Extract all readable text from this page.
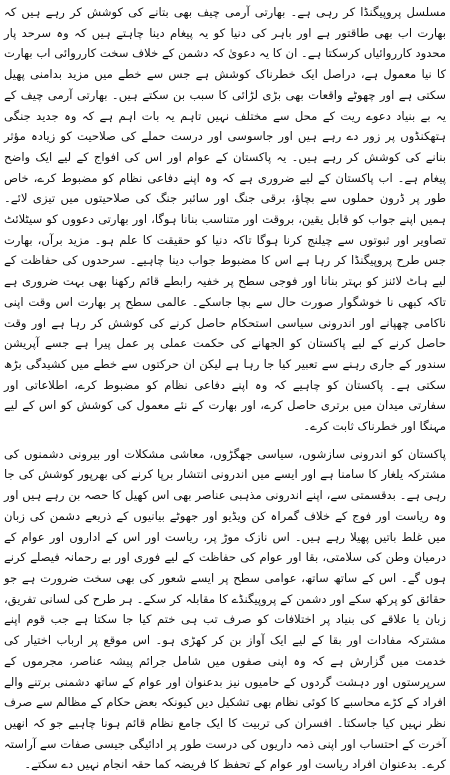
مسلسل پروپیگنڈا کر رہی ہے۔ بھارتی آرمی چیف بھی بتانے کی کوشش کر رہے ہیں کہ بھارت اب بھی طاقتور ہے اور باہر کی دنیا کو یہ پیغام دینا چاہتے ہیں کہ وہ سرحد پار محدود کارروائیاں کرسکتا ہے۔ ان کا یہ دعویٰ کہ دشمن کے خلاف سخت کارروائی اب بھارت کا نیا معمول ہے، دراصل ایک خطرناک کوشش ہے جس سے خطے میں مزید بدامنی پھیل سکتی ہے اور چھوٹے واقعات بھی بڑی لڑائی کا سبب بن سکتے ہیں۔ بھارتی آرمی چیف کے یہ بے بنیاد دعوے ریت کے محل سے مختلف نہیں تاہم یہ بات اہم ہے کہ وہ جدید جنگی ہتھکنڈوں پر زور دے رہے ہیں اور جاسوسی اور درست حملے کی صلاحیت کو زیادہ مؤثر بنانے کی کوشش کر رہے ہیں۔ یہ پاکستان کے عوام اور اس کی افواج کے لیے ایک واضح پیغام ہے۔ اب پاکستان کے لیے ضروری ہے کہ وہ اپنے دفاعی نظام کو مضبوط کرے، خاص طور پر ڈرون حملوں سے بچاؤ، برقی جنگ اور سائبر جنگ کی صلاحیتوں میں تیزی لائے۔ ہمیں اپنے جواب کو قابل یقین، بروقت اور متناسب بنانا ہوگا، اور بھارتی دعووں کو سیٹلائٹ تصاویر اور ثبوتوں سے چیلنج کرنا ہوگا تاکہ دنیا کو حقیقت کا علم ہو۔ مزید برآں، بھارت جس طرح پروپیگنڈا کر رہا ہے اس کا مضبوط جواب دینا چاہیے۔ سرحدوں کی حفاظت کے لیے ہاٹ لائنز کو بہتر بنانا اور فوجی سطح پر خفیہ رابطے قائم رکھنا بھی بہت ضروری ہے تاکہ کبھی نا خوشگوار صورت حال سے بچا جاسکے۔ عالمی سطح پر بھارت اس وقت اپنی ناکامی چھپانے اور اندرونی سیاسی استحکام حاصل کرنے کی کوشش کر رہا ہے اور وقت حاصل کرنے کے لیے پاکستان کو الجھانے کی حکمت عملی پر عمل پیرا ہے جسے آپریشن سندور کے جاری رہنے سے تعبیر کیا جا رہا ہے لیکن ان حرکتوں سے خطے میں کشیدگی بڑھ سکتی ہے۔ پاکستان کو چاہیے کہ وہ اپنے دفاعی نظام کو مضبوط کرے، اطلاعاتی اور سفارتی میدان میں برتری حاصل کرے، اور بھارت کے نئے معمول کی کوشش کو اس کے لیے مہنگا اور خطرناک ثابت کرے۔

پاکستان کو اندرونی سازشوں، سیاسی جھگڑوں، معاشی مشکلات اور بیرونی دشمنوں کی مشترکہ یلغار کا سامنا ہے اور ایسے میں اندرونی انتشار برپا کرنے کی بھرپور کوشش کی جا رہی ہے۔ بدقسمتی سے، اپنے اندرونی مذہبی عناصر بھی اس کھیل کا حصہ بن رہے ہیں اور وہ ریاست اور فوج کے خلاف گمراہ کن ویڈیو اور جھوٹے بیانیوں کے ذریعے دشمن کی زبان میں غلط باتیں پھیلا رہے ہیں۔ اس نازک موڑ پر، ریاست اور اس کے اداروں اور عوام کے درمیان وطن کی سلامتی، بقا اور عوام کی حفاظت کے لیے فوری اور بے رحمانہ فیصلے کرنے ہوں گے۔ اس کے ساتھ ساتھ، عوامی سطح پر ایسے شعور کی بھی سخت ضرورت ہے جو حقائق کو پرکھ سکے اور دشمن کے پروپیگنڈے کا مقابلہ کر سکے۔ ہر طرح کی لسانی تفریق، زبان یا علاقے کی بنیاد پر اختلافات کو صرف تب ہی ختم کیا جا سکتا ہے جب قوم اپنے مشترکہ مفادات اور بقا کے لیے ایک آواز بن کر کھڑی ہو۔ اس موقع پر ارباب اختیار کی خدمت میں گزارش ہے کہ وہ اپنی صفوں میں شامل جرائم پیشہ عناصر، مجرموں کے سرپرستوں اور دہشت گردوں کے حامیوں نیز بدعنوان اور عوام کے ساتھ دشمنی برتنے والے افراد کے کڑے محاسبے کا کوئی نظام بھی تشکیل دیں کیونکہ بعض حکام کے مظالم سے صرف نظر نہیں کیا جاسکتا۔ افسران کی تربیت کا ایک جامع نظام قائم ہونا چاہیے جو کہ انھیں آخرت کے احتساب اور اپنی ذمہ داریوں کی درست طور پر ادائیگی جیسی صفات سے آراستہ کرے۔ بدعنوان افراد ریاست اور عوام کے تحفظ کا فریضہ کما حقہ انجام نہیں دے سکتے۔
